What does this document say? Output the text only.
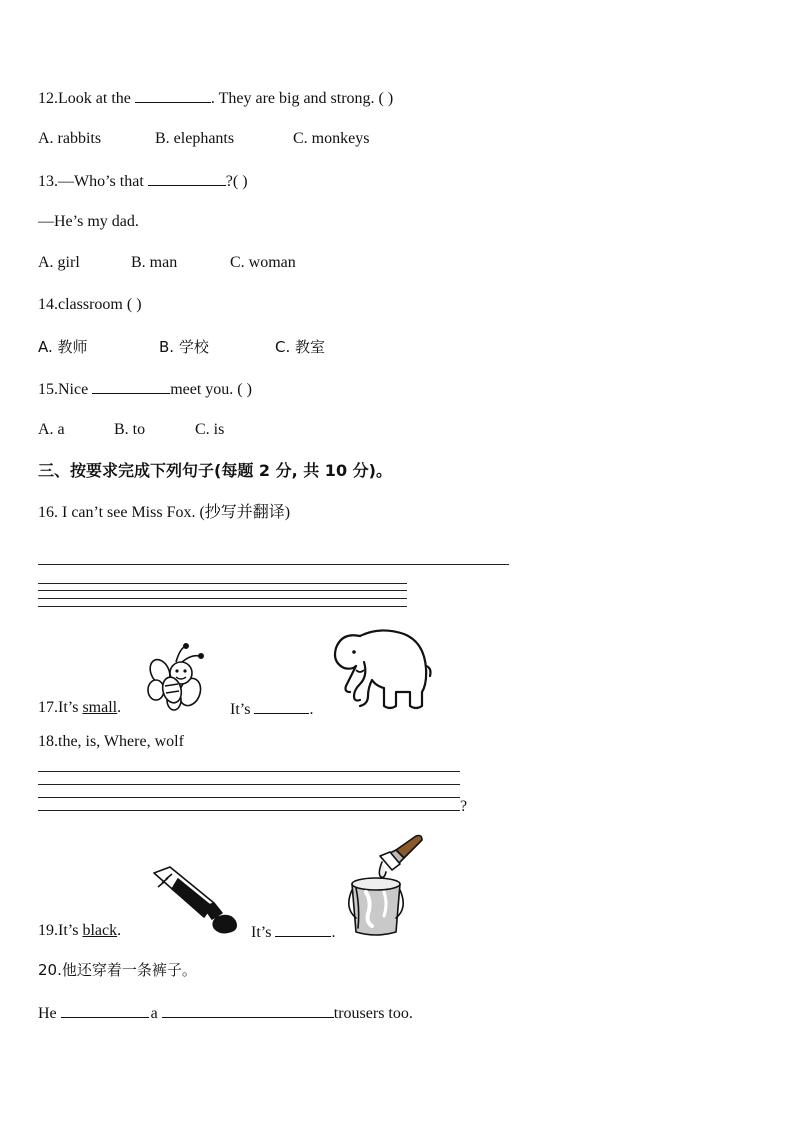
12.Look at the	. They are big and strong. ( )
A. rabbits	B. elephants	C. monkeys
13.—Who’s that	?( )
—He’s my dad.
A. girl	B. man	C. woman
14.classroom ( )
A. 教师	B. 学校	C. 教室
15.Nice	meet you. ( )
A. a	B. to	C. is
三、按要求完成下列句子(每题 2 分, 共 10 分)。
16. I can’t see Miss Fox. (抄写并翻译)
17.It’s small.	It’s	.
18.the, is, Where, wolf
?
19.It’s black.	It’s	.
20.他还穿着一条裤子。
He	a	trousers too.
